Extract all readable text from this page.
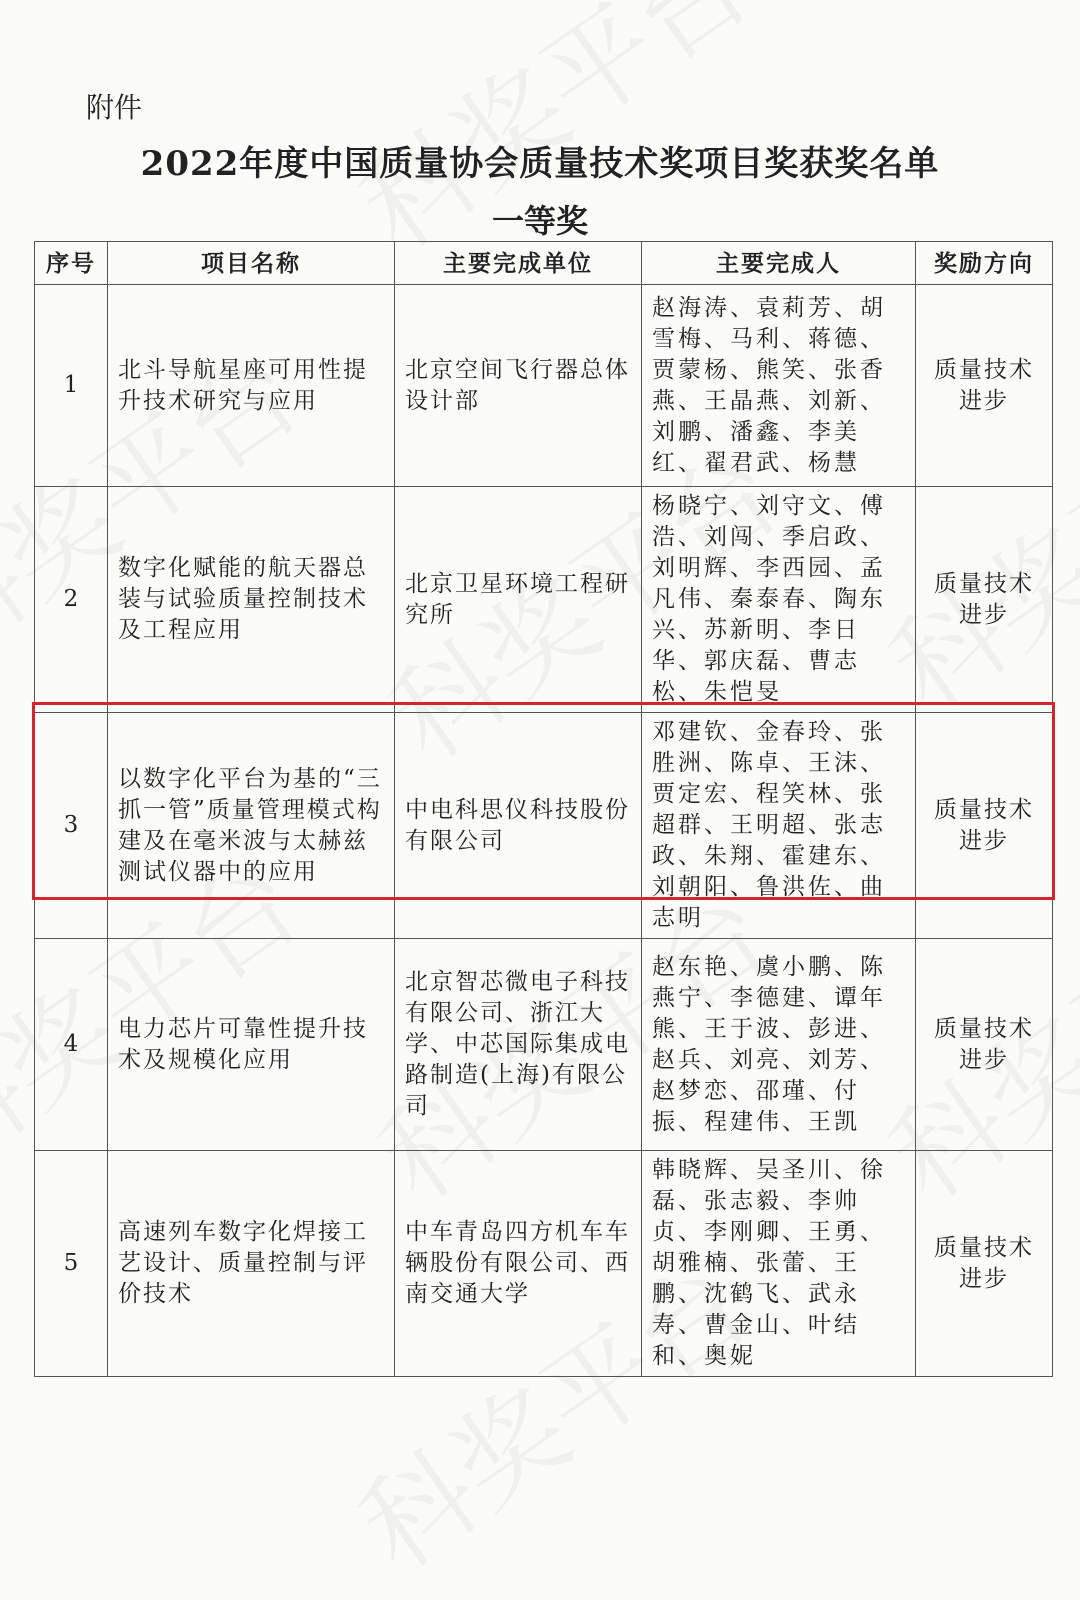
附件
2022年度中国质量协会质量技术奖项目奖获奖名单
一等奖
序号	项目名称	主要完成单位	主要完成人	奖励方向
1	北斗导航星座可用性提升技术研究与应用	北京空间飞行器总体设计部	赵海涛、袁莉芳、胡雪梅、马利、蒋德、贾蒙杨、熊笑、张香燕、王晶燕、刘新、刘鹏、潘鑫、李美红、翟君武、杨慧	质量技术进步
2	数字化赋能的航天器总装与试验质量控制技术及工程应用	北京卫星环境工程研究所	杨晓宁、刘守文、傅浩、刘闯、季启政、刘明辉、李西园、孟凡伟、秦泰春、陶东兴、苏新明、李日华、郭庆磊、曹志松、朱恺旻	质量技术进步
3	以数字化平台为基的“三抓一管”质量管理模式构建及在毫米波与太赫兹测试仪器中的应用	中电科思仪科技股份有限公司	邓建钦、金春玲、张胜洲、陈卓、王沫、贾定宏、程笑林、张超群、王明超、张志政、朱翔、霍建东、刘朝阳、鲁洪佐、曲志明	质量技术进步
4	电力芯片可靠性提升技术及规模化应用	北京智芯微电子科技有限公司、浙江大学、中芯国际集成电路制造(上海)有限公司	赵东艳、虞小鹏、陈燕宁、李德建、谭年熊、王于波、彭进、赵兵、刘亮、刘芳、赵梦恋、邵瑾、付振、程建伟、王凯	质量技术进步
5	高速列车数字化焊接工艺设计、质量控制与评价技术	中车青岛四方机车车辆股份有限公司、西南交通大学	韩晓辉、吴圣川、徐磊、张志毅、李帅贞、李刚卿、王勇、胡雅楠、张蕾、王鹏、沈鹤飞、武永寿、曹金山、叶结和、奥妮	质量技术进步
